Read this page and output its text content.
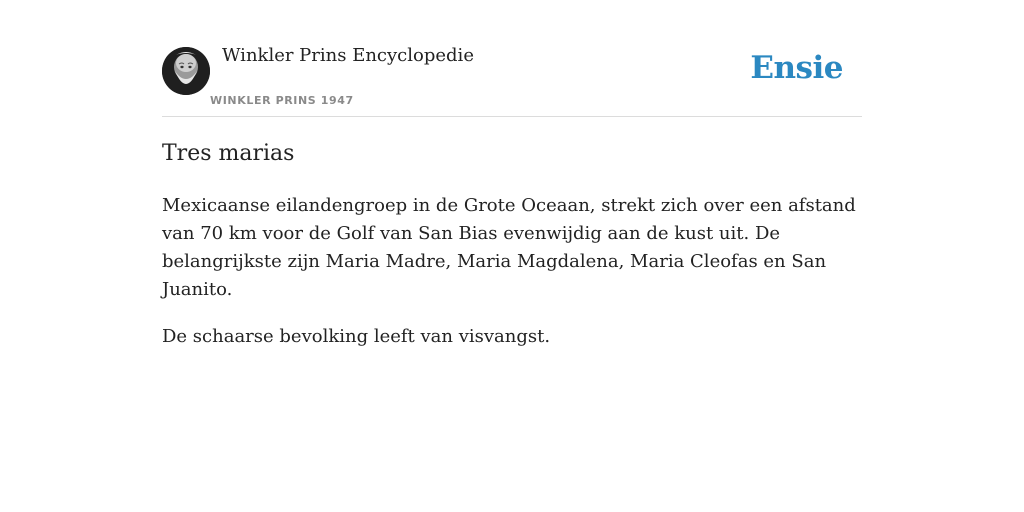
Winkler Prins Encyclopedie
WINKLER PRINS 1947
Ensie
Tres marias

Mexicaanse eilandengroep in de Grote Oceaan, strekt zich over een afstand van 70 km voor de Golf van San Bias evenwijdig aan de kust uit. De belangrijkste zijn Maria Madre, Maria Magdalena, Maria Cleofas en San Juanito.

De schaarse bevolking leeft van visvangst.
